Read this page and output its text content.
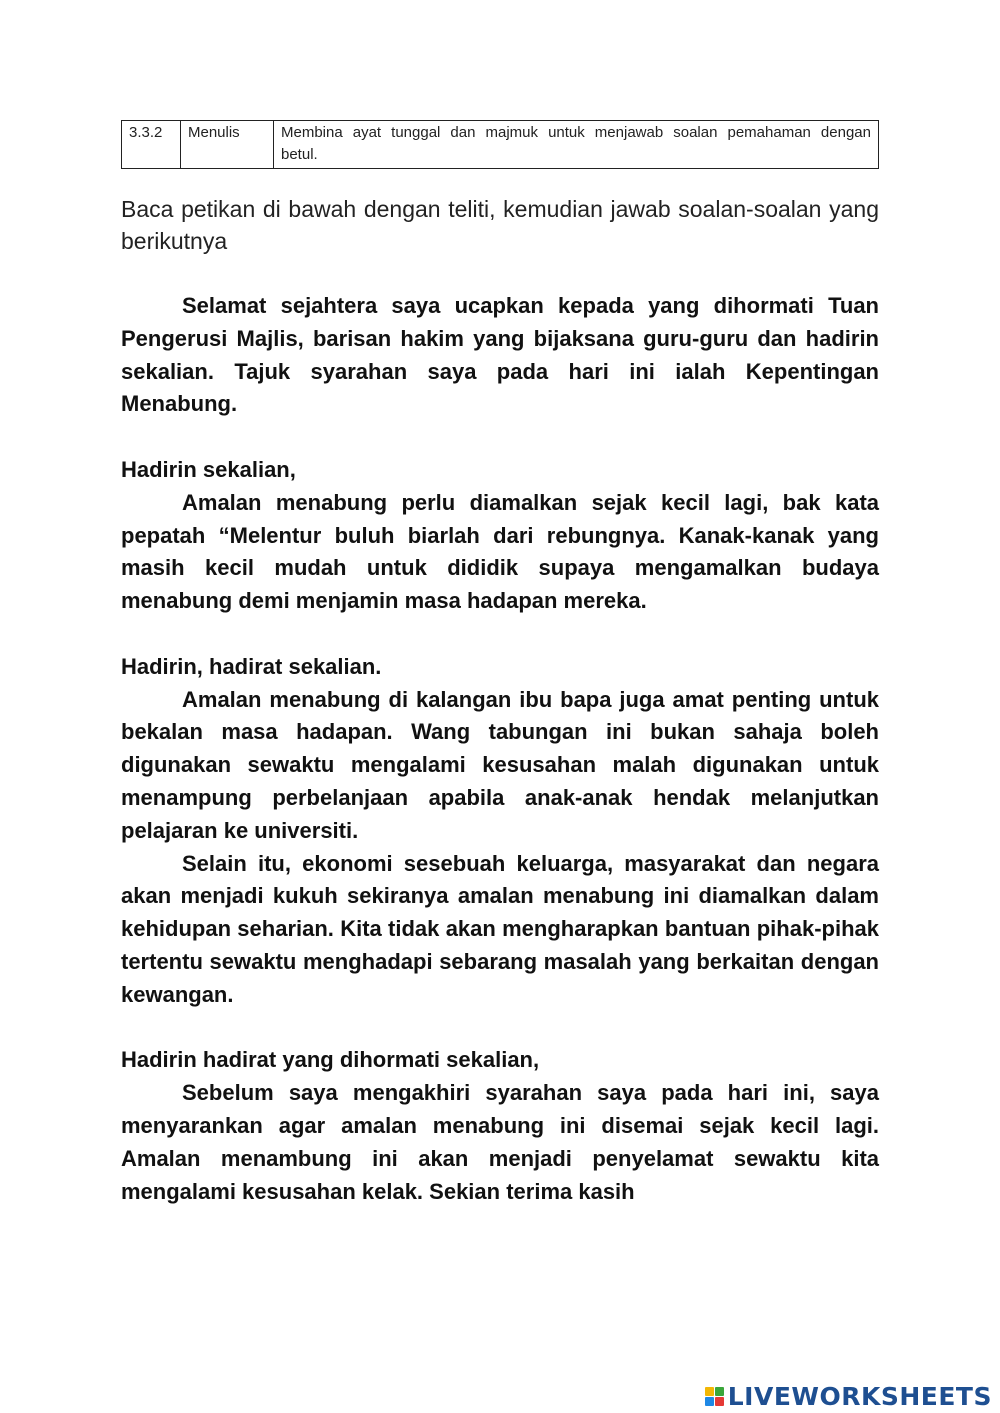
3.3.2	Menulis	Membina ayat tunggal dan majmuk untuk menjawab soalan pemahaman dengan betul.
Baca petikan di bawah dengan teliti, kemudian jawab soalan-soalan yang berikutnya

Selamat sejahtera saya ucapkan kepada yang dihormati Tuan Pengerusi Majlis, barisan hakim yang bijaksana guru-guru dan hadirin sekalian. Tajuk syarahan saya pada hari ini ialah Kepentingan Menabung.

Hadirin sekalian,

Amalan menabung perlu diamalkan sejak kecil lagi, bak kata pepatah “Melentur buluh biarlah dari rebungnya. Kanak-kanak yang masih kecil mudah untuk dididik supaya mengamalkan budaya menabung demi menjamin masa hadapan mereka.

Hadirin, hadirat sekalian.

Amalan menabung di kalangan ibu bapa juga amat penting untuk bekalan masa hadapan. Wang tabungan ini bukan sahaja boleh digunakan sewaktu mengalami kesusahan malah digunakan untuk menampung perbelanjaan apabila anak-anak hendak melanjutkan pelajaran ke universiti.

Selain itu, ekonomi sesebuah keluarga, masyarakat dan negara akan menjadi kukuh sekiranya amalan menabung ini diamalkan dalam kehidupan seharian. Kita tidak akan mengharapkan bantuan pihak-pihak tertentu sewaktu menghadapi sebarang masalah yang berkaitan dengan kewangan.

Hadirin hadirat yang dihormati sekalian,

Sebelum saya mengakhiri syarahan saya pada hari ini, saya menyarankan agar amalan menabung ini disemai sejak kecil lagi. Amalan menambung ini akan menjadi penyelamat sewaktu kita mengalami kesusahan kelak. Sekian terima kasih

LIVEWORKSHEETS
